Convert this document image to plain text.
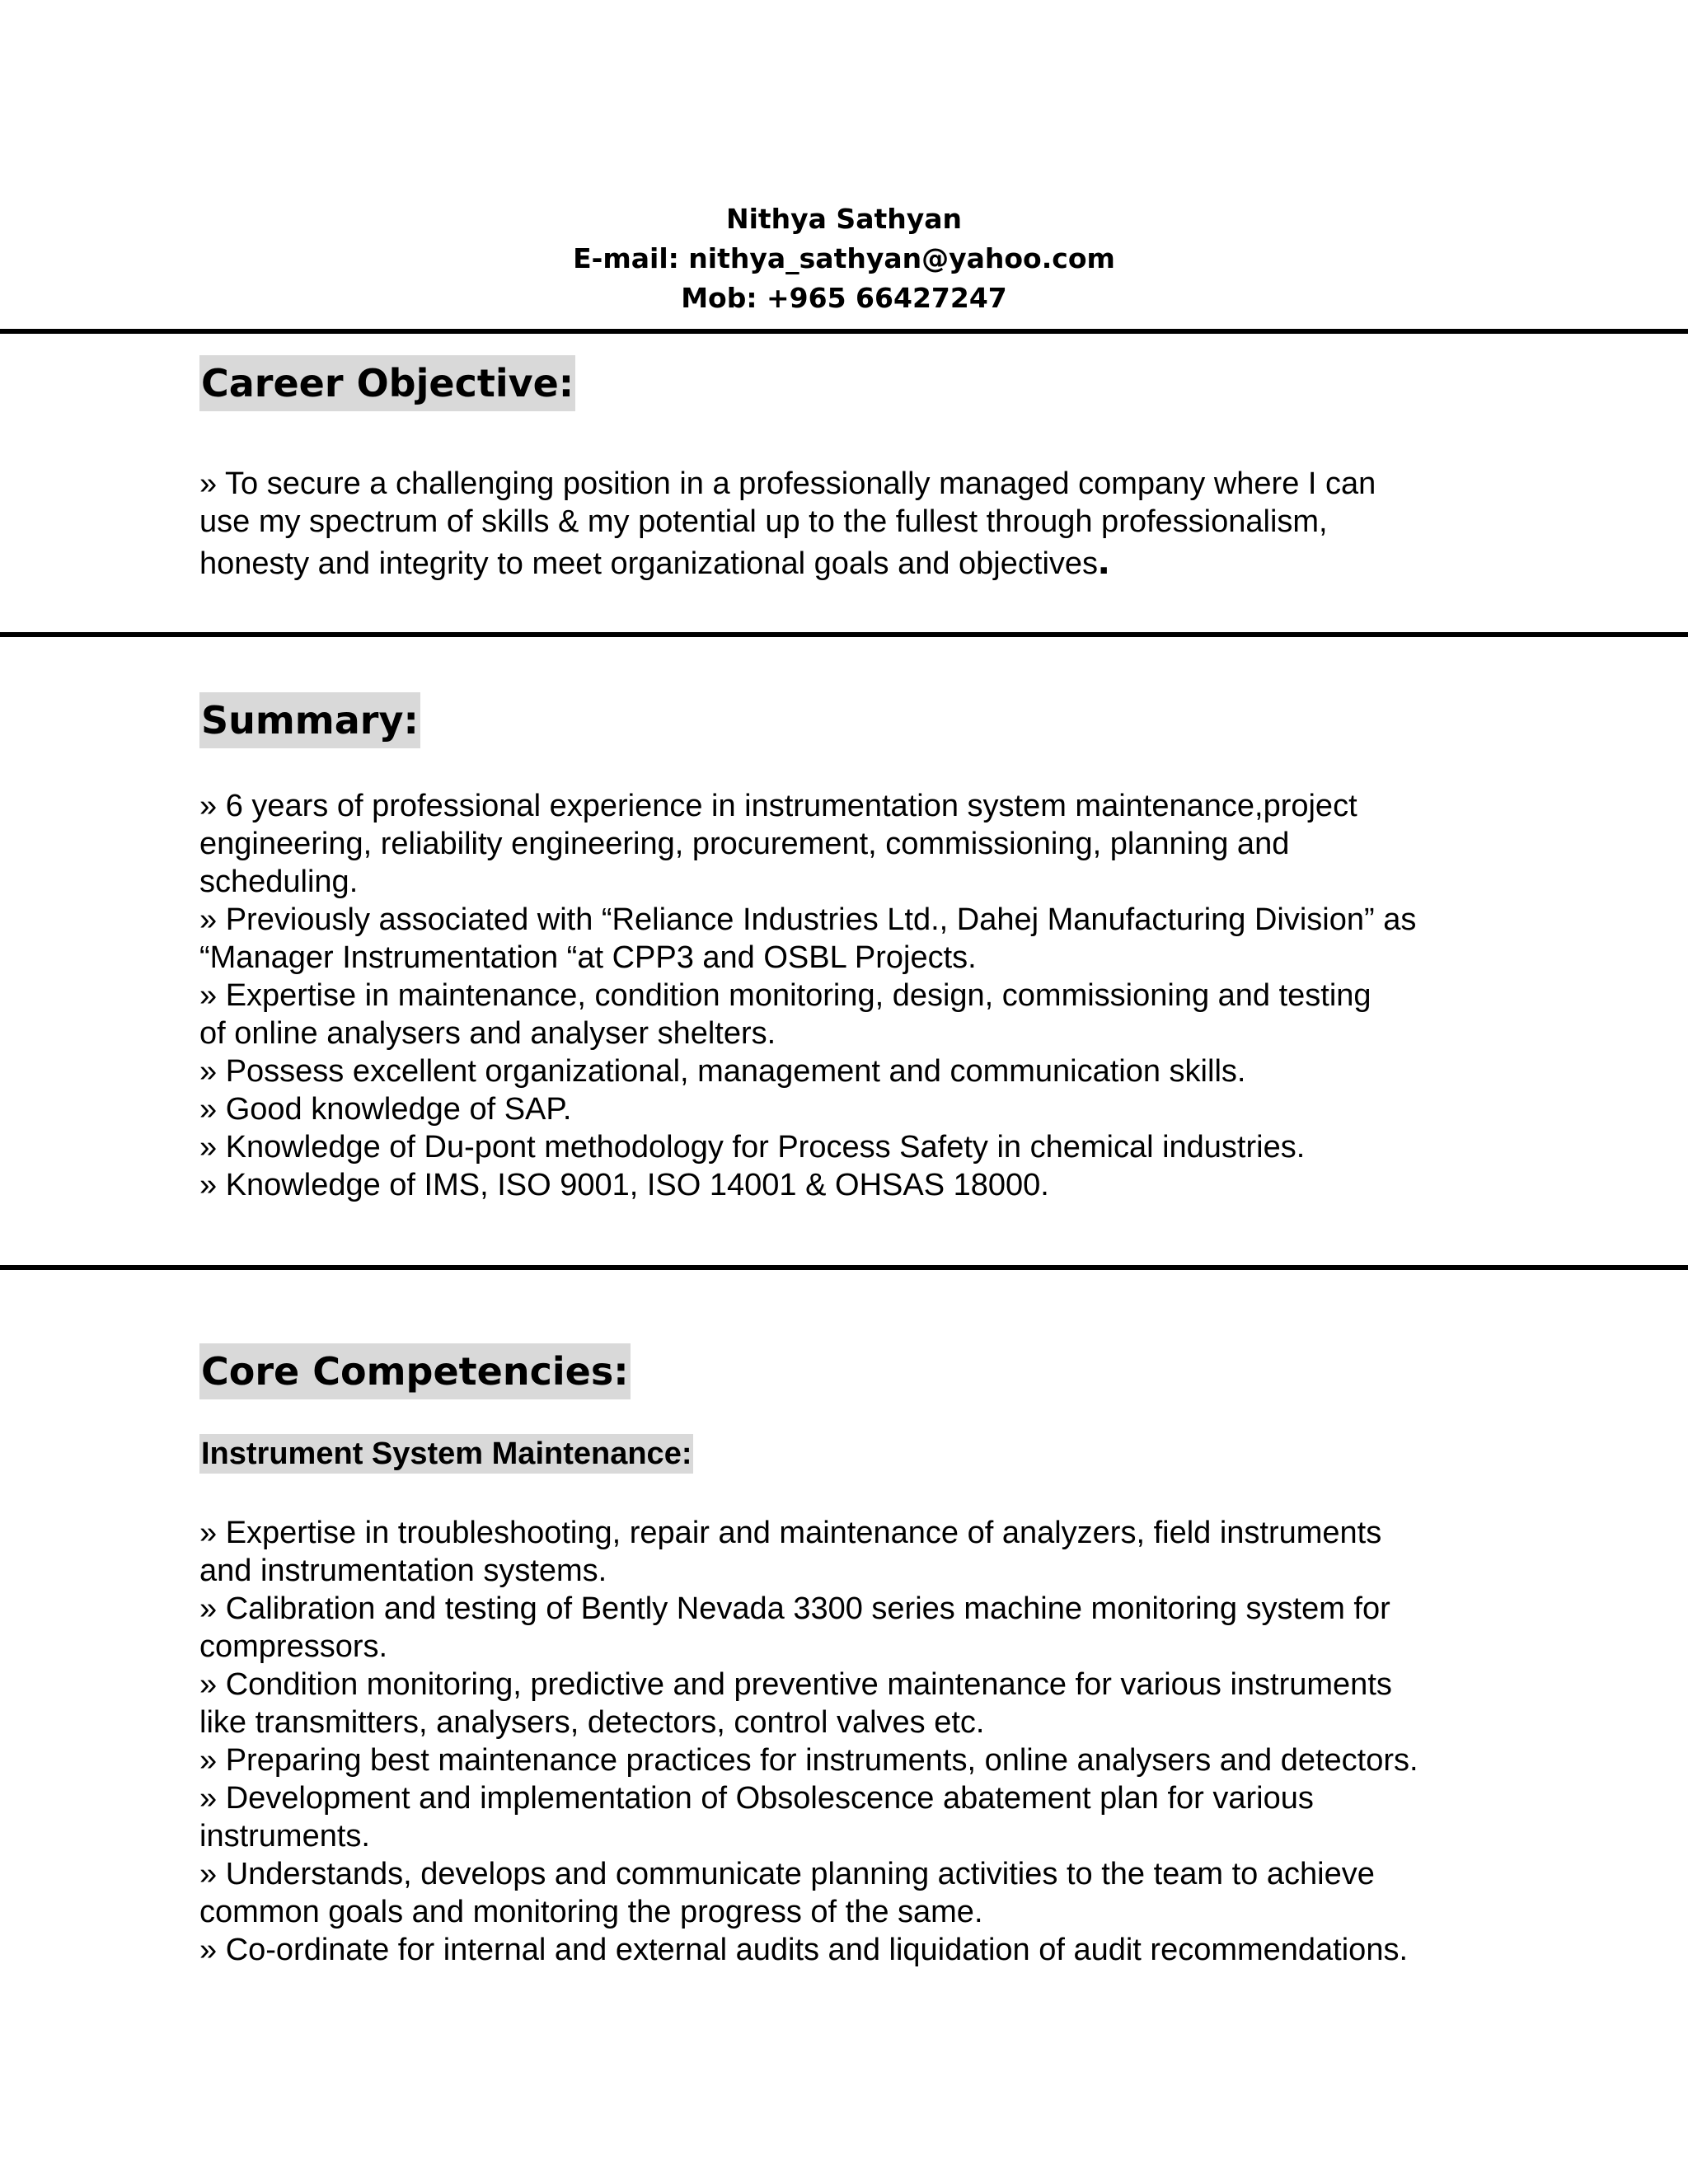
Nithya Sathyan
E-mail: nithya_sathyan@yahoo.com
Mob: +965 66427247
Career Objective:
» To secure a challenging position in a professionally managed company where I can
use my spectrum of skills & my potential up to the fullest through professionalism,
honesty and integrity to meet organizational goals and objectives.
Summary:
» 6 years of professional experience in instrumentation system maintenance,project
engineering, reliability engineering, procurement, commissioning, planning and
scheduling.
» Previously associated with “Reliance Industries Ltd., Dahej Manufacturing Division” as
“Manager Instrumentation “at CPP3 and OSBL Projects.
» Expertise in maintenance, condition monitoring, design, commissioning and testing
of online analysers and analyser shelters.
» Possess excellent organizational, management and communication skills.
» Good knowledge of SAP.
» Knowledge of Du-pont methodology for Process Safety in chemical industries.
» Knowledge of IMS, ISO 9001, ISO 14001 & OHSAS 18000.
Core Competencies:
Instrument System Maintenance:
» Expertise in troubleshooting, repair and maintenance of analyzers, field instruments
and instrumentation systems.
» Calibration and testing of Bently Nevada 3300 series machine monitoring system for
compressors.
» Condition monitoring, predictive and preventive maintenance for various instruments
like transmitters, analysers, detectors, control valves etc.
» Preparing best maintenance practices for instruments, online analysers and detectors.
» Development and implementation of Obsolescence abatement plan for various
instruments.
» Understands, develops and communicate planning activities to the team to achieve
common goals and monitoring the progress of the same.
» Co-ordinate for internal and external audits and liquidation of audit recommendations.
